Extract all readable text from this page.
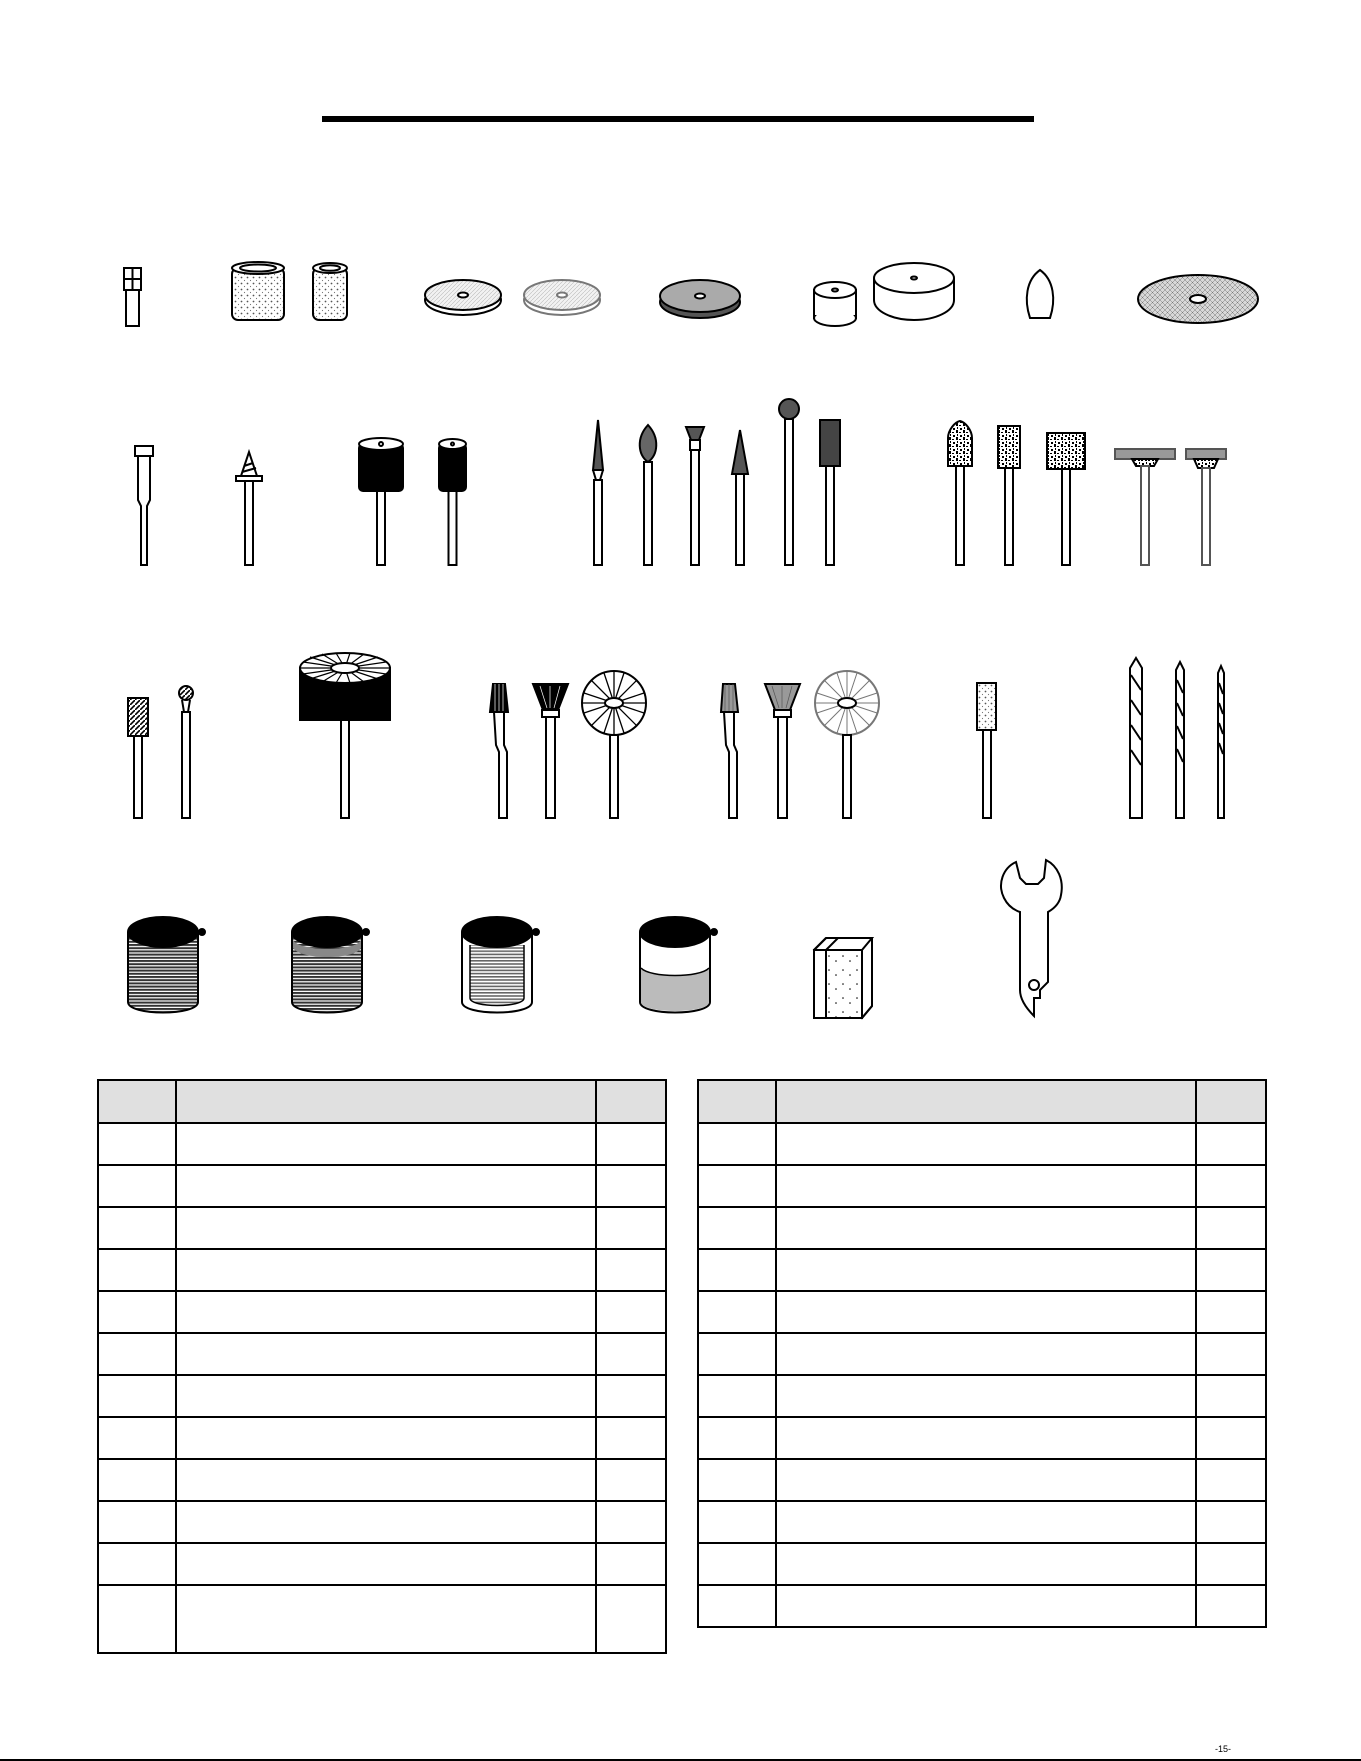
-15-
